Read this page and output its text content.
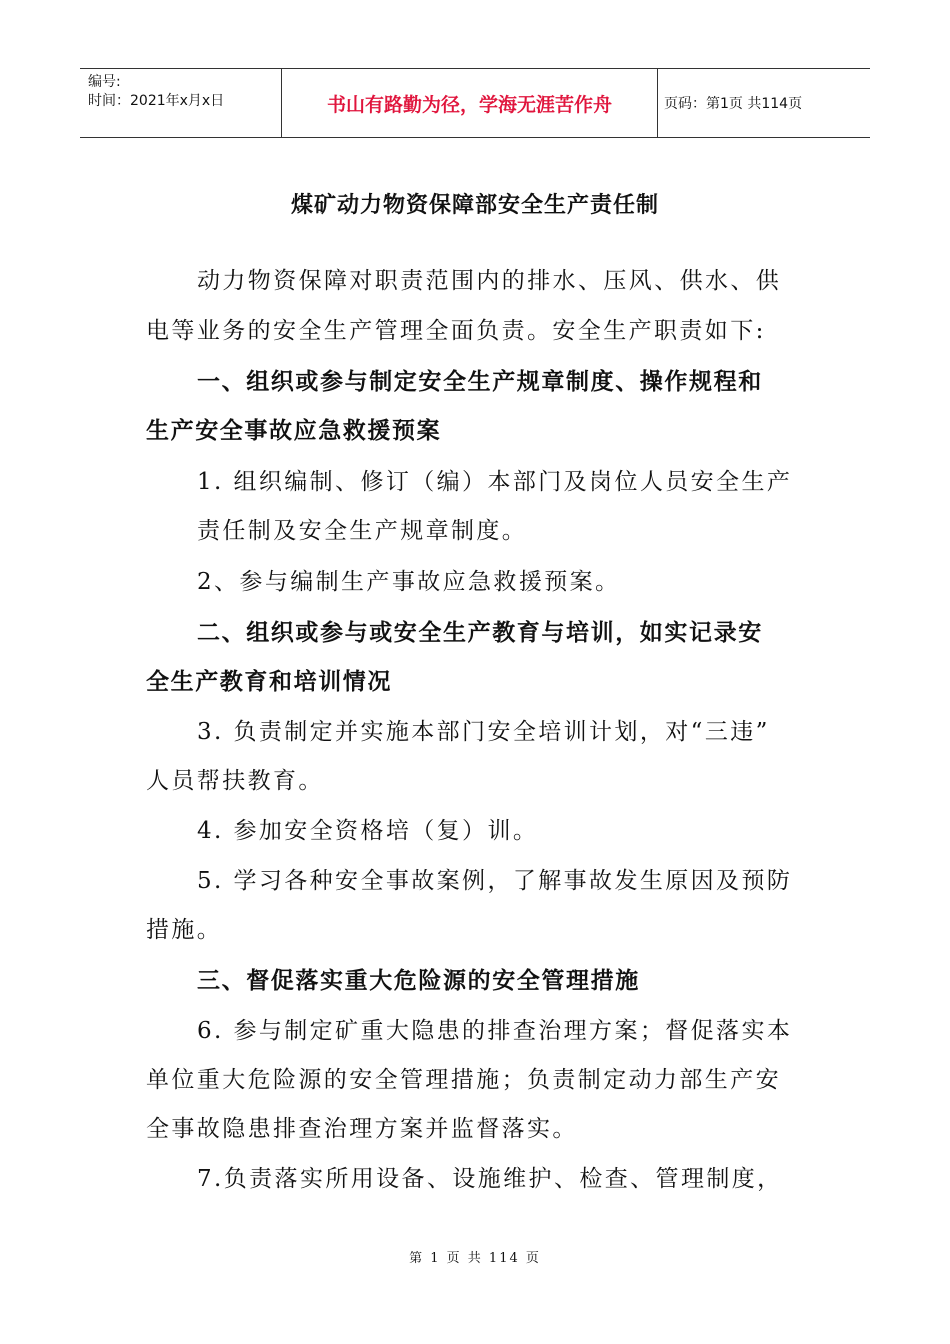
编号:
时间：2021年x月x日	书山有路勤为径，学海无涯苦作舟	页码：第1页 共114页
煤矿动力物资保障部安全生产责任制
动力物资保障对职责范围内的排水、压风、供水、供
电等业务的安全生产管理全面负责。安全生产职责如下:
一、组织或参与制定安全生产规章制度、操作规程和
生产安全事故应急救援预案
1. 组织编制、修订（编）本部门及岗位人员安全生产
责任制及安全生产规章制度。
2、参与编制生产事故应急救援预案。
二、组织或参与或安全生产教育与培训，如实记录安
全生产教育和培训情况
3. 负责制定并实施本部门安全培训计划，对“三违”
人员帮扶教育。
4. 参加安全资格培（复）训。
5. 学习各种安全事故案例，了解事故发生原因及预防
措施。
三、督促落实重大危险源的安全管理措施
6. 参与制定矿重大隐患的排查治理方案；督促落实本
单位重大危险源的安全管理措施；负责制定动力部生产安
全事故隐患排查治理方案并监督落实。
7.负责落实所用设备、设施维护、检查、管理制度，
第 1 页 共 114 页
